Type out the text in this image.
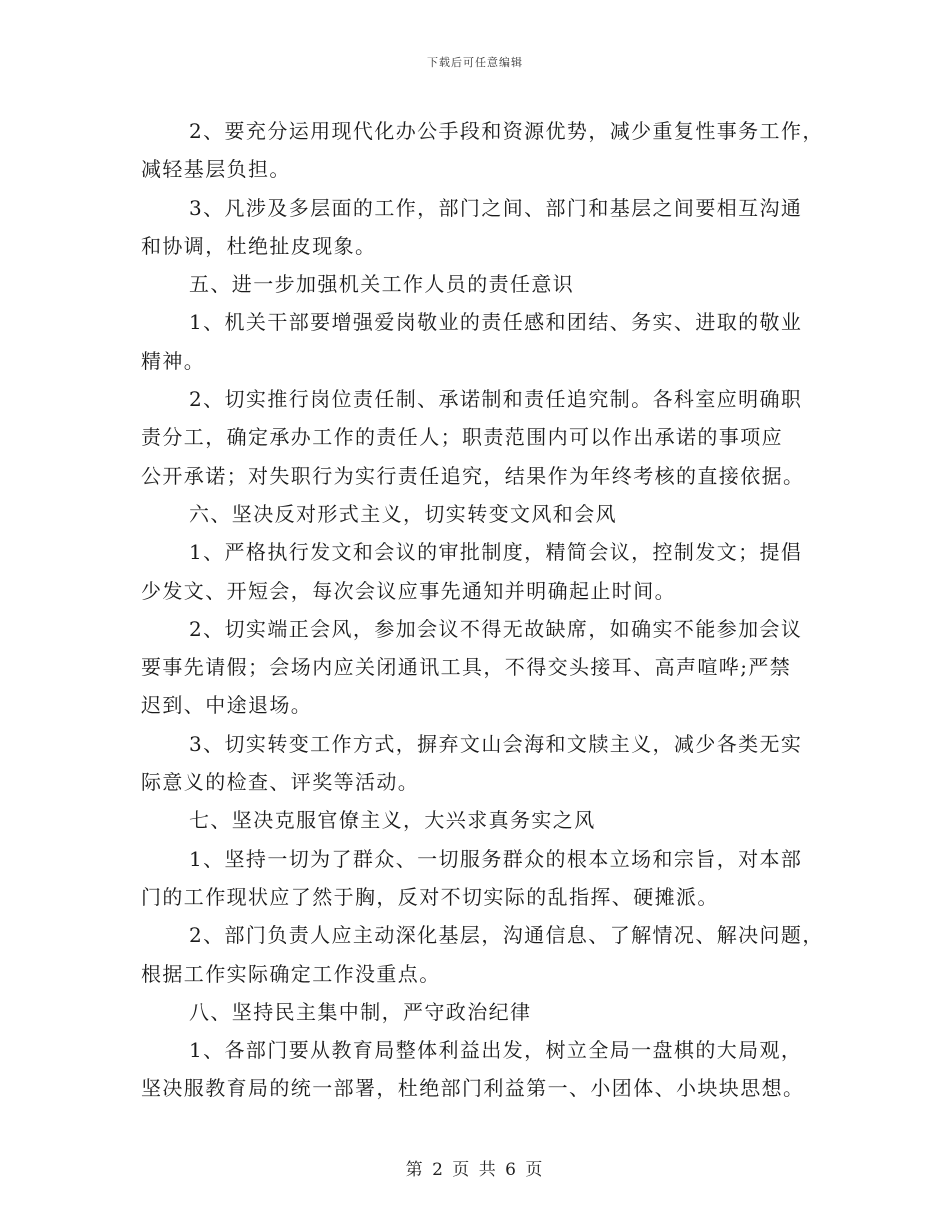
下载后可任意编辑
2、要充分运用现代化办公手段和资源优势，减少重复性事务工作，
减轻基层负担。
3、凡涉及多层面的工作，部门之间、部门和基层之间要相互沟通
和协调，杜绝扯皮现象。
五、进一步加强机关工作人员的责任意识
1、机关干部要增强爱岗敬业的责任感和团结、务实、进取的敬业
精神。
2、切实推行岗位责任制、承诺制和责任追究制。各科室应明确职
责分工，确定承办工作的责任人；职责范围内可以作出承诺的事项应
公开承诺；对失职行为实行责任追究，结果作为年终考核的直接依据。
六、坚决反对形式主义，切实转变文风和会风
1、严格执行发文和会议的审批制度，精简会议，控制发文；提倡
少发文、开短会，每次会议应事先通知并明确起止时间。
2、切实端正会风，参加会议不得无故缺席，如确实不能参加会议
要事先请假；会场内应关闭通讯工具，不得交头接耳、高声喧哗;严禁
迟到、中途退场。
3、切实转变工作方式，摒弃文山会海和文牍主义，减少各类无实
际意义的检查、评奖等活动。
七、坚决克服官僚主义，大兴求真务实之风
1、坚持一切为了群众、一切服务群众的根本立场和宗旨，对本部
门的工作现状应了然于胸，反对不切实际的乱指挥、硬摊派。
2、部门负责人应主动深化基层，沟通信息、了解情况、解决问题，
根据工作实际确定工作没重点。
八、坚持民主集中制，严守政治纪律
1、各部门要从教育局整体利益出发，树立全局一盘棋的大局观，
坚决服教育局的统一部署，杜绝部门利益第一、小团体、小块块思想。
第 2 页 共 6 页
